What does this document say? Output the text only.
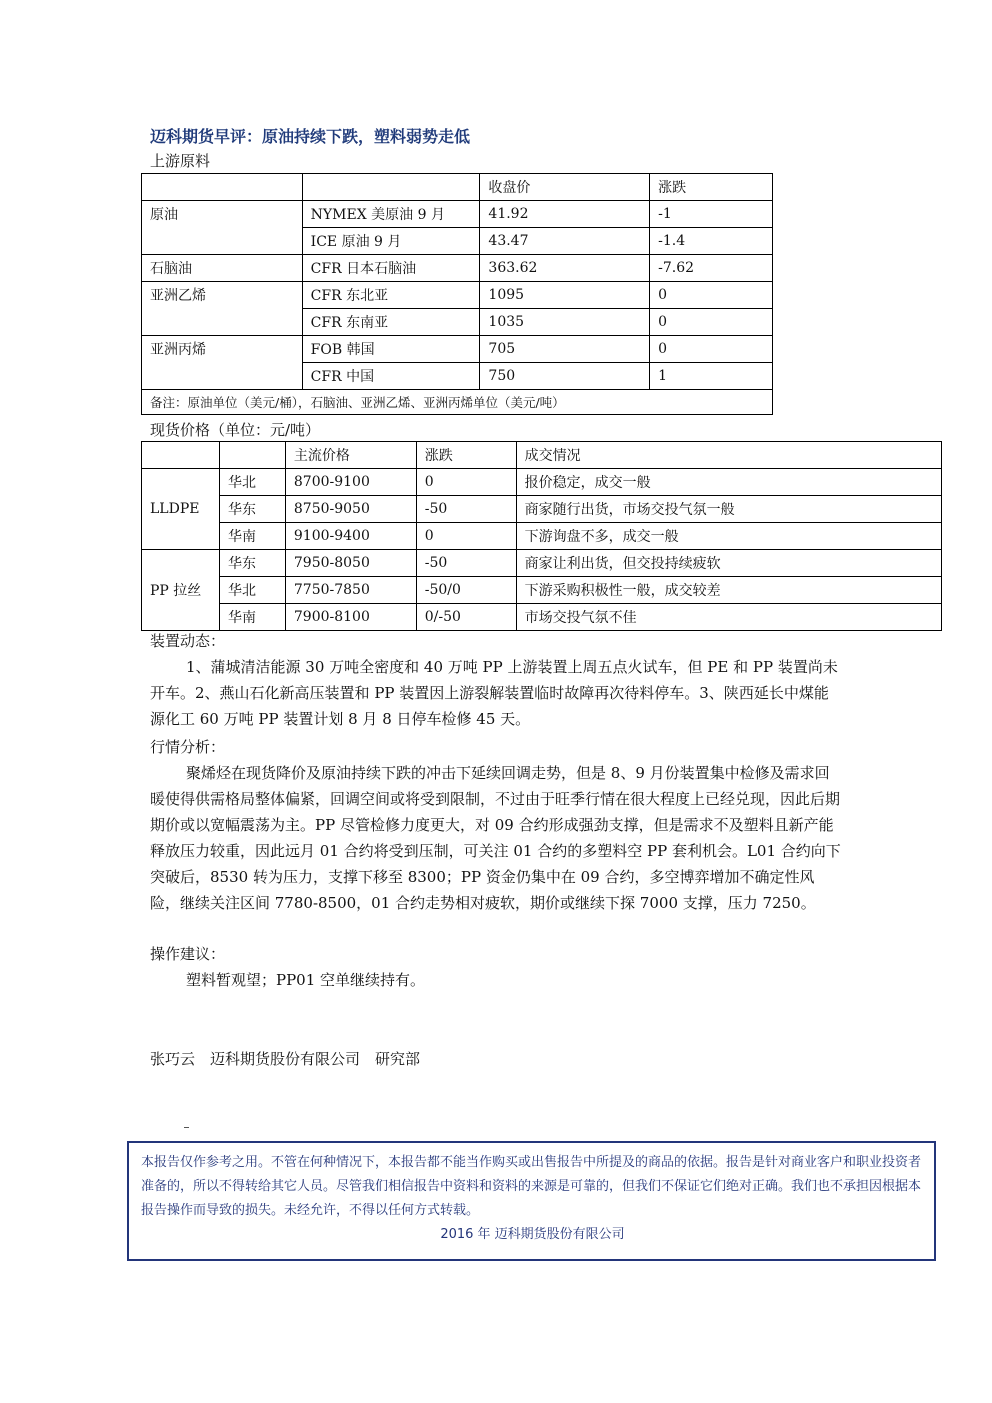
迈科期货早评：原油持续下跌，塑料弱势走低
上游原料
		收盘价	涨跌
原油	NYMEX 美原油 9 月	41.92	-1
	ICE 原油 9 月	43.47	-1.4
石脑油	CFR 日本石脑油	363.62	-7.62
亚洲乙烯	CFR 东北亚	1095	0
	CFR 东南亚	1035	0
亚洲丙烯	FOB 韩国	705	0
	CFR 中国	750	1
备注：原油单位（美元/桶），石脑油、亚洲乙烯、亚洲丙烯单位（美元/吨）			
现货价格（单位：元/吨）
		主流价格	涨跌	成交情况
LLDPE	华北	8700-9100	0	报价稳定，成交一般
	华东	8750-9050	-50	商家随行出货，市场交投气氛一般
	华南	9100-9400	0	下游询盘不多，成交一般
PP 拉丝	华东	7950-8050	-50	商家让利出货，但交投持续疲软
	华北	7750-7850	-50/0	下游采购积极性一般，成交较差
	华南	7900-8100	0/-50	市场交投气氛不佳
装置动态：

1、蒲城清洁能源 30 万吨全密度和 40 万吨 PP 上游装置上周五点火试车，但 PE 和 PP 装置尚未开车。2、燕山石化新高压装置和 PP 装置因上游裂解装置临时故障再次待料停车。3、陕西延长中煤能源化工 60 万吨 PP 装置计划 8 月 8 日停车检修 45 天。

行情分析：

聚烯烃在现货降价及原油持续下跌的冲击下延续回调走势，但是 8、9 月份装置集中检修及需求回暖使得供需格局整体偏紧，回调空间或将受到限制，不过由于旺季行情在很大程度上已经兑现，因此后期期价或以宽幅震荡为主。PP 尽管检修力度更大，对 09 合约形成强劲支撑，但是需求不及塑料且新产能释放压力较重，因此远月 01 合约将受到压制，可关注 01 合约的多塑料空 PP 套利机会。L01 合约向下突破后，8530 转为压力，支撑下移至 8300；PP 资金仍集中在 09 合约，多空博弈增加不确定性风险，继续关注区间 7780-8500，01 合约走势相对疲软，期价或继续下探 7000 支撑，压力 7250。

操作建议：

塑料暂观望；PP01 空单继续持有。

张巧云　迈科期货股份有限公司　研究部
本报告仅作参考之用。不管在何种情况下，本报告都不能当作购买或出售报告中所提及的商品的依据。报告是针对商业客户和职业投资者准备的，所以不得转给其它人员。尽管我们相信报告中资料和资料的来源是可靠的，但我们不保证它们绝对正确。我们也不承担因根据本报告操作而导致的损失。未经允许，不得以任何方式转载。
2016 年 迈科期货股份有限公司
